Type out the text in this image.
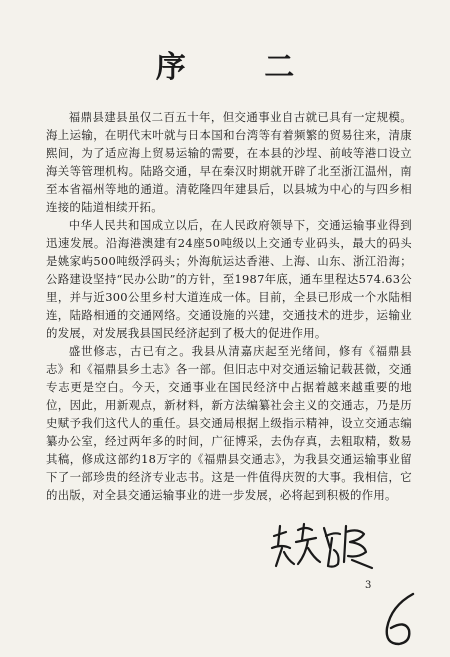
序 二

福鼎县建县虽仅二百五十年，但交通事业自古就已具有一定规模。海上运输，在明代末叶就与日本国和台湾等有着频繁的贸易往来，清康熙间，为了适应海上贸易运输的需要，在本县的沙埕、前岐等港口设立海关等管理机构。陆路交通，早在秦汉时期就开辟了北至浙江温州，南至本省福州等地的通道。清乾隆四年建县后，以县城为中心的与四乡相连接的陆道相续开拓。

中华人民共和国成立以后，在人民政府领导下，交通运输事业得到迅速发展。沿海港澳建有24座50吨级以上交通专业码头，最大的码头是姚家屿500吨级浮码头；外海航运达香港、上海、山东、浙江沿海；公路建设坚持“民办公助”的方针，至1987年底，通车里程达574.63公里，并与近300公里乡村大道连成一体。目前，全县已形成一个水陆相连，陆路相通的交通网络。交通设施的兴建，交通技术的进步，运输业的发展，对发展我县国民经济起到了极大的促进作用。

盛世修志，古已有之。我县从清嘉庆起至光绪间，修有《福鼎县志》和《福鼎县乡土志》各一部。但旧志中对交通运输记载甚微，交通专志更是空白。今天，交通事业在国民经济中占据着越来越重要的地位，因此，用新观点，新材料，新方法编纂社会主义的交通志，乃是历史赋予我们这代人的重任。县交通局根据上级指示精神，设立交通志编纂办公室，经过两年多的时间，广征博采，去伪存真，去粗取精，数易其稿，修成这部约18万字的《福鼎县交通志》，为我县交通运输事业留下了一部珍贵的经济专业志书。这是一件值得庆贺的大事。我相信，它的出版，对全县交通运输事业的进一步发展，必将起到积极的作用。

3
